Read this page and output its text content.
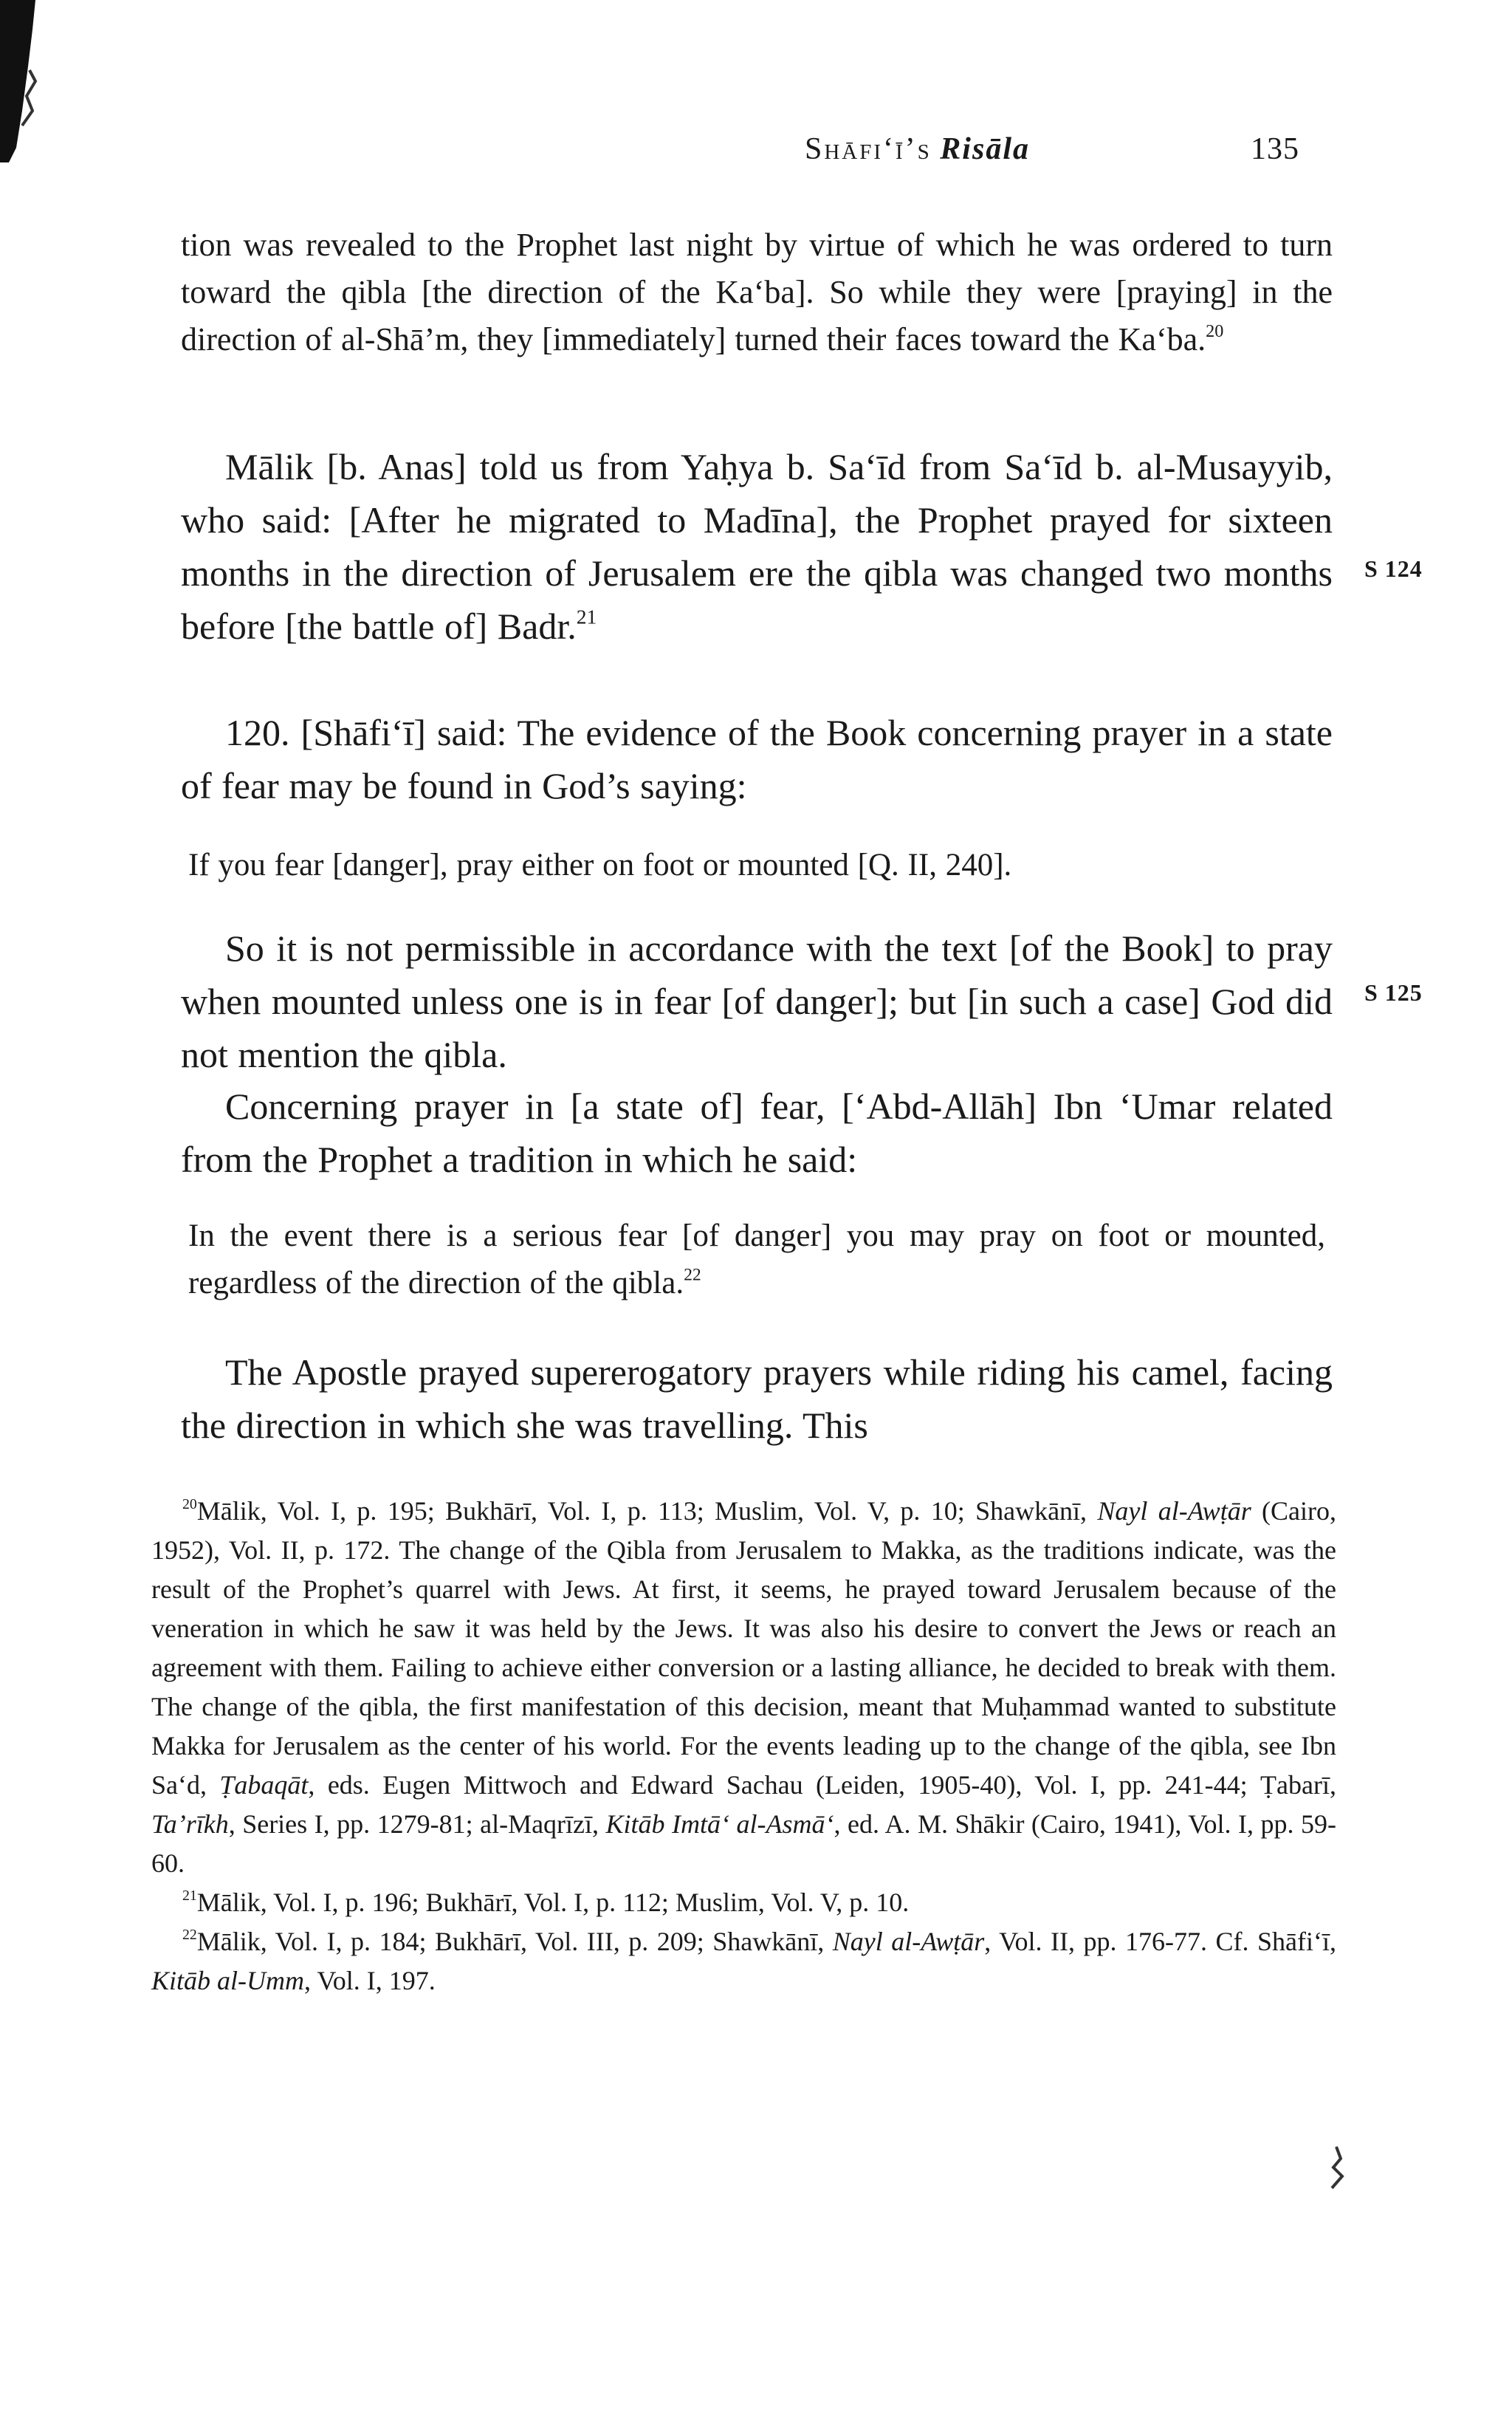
Shāfi‘ī’s Risāla	135

tion was revealed to the Prophet last night by virtue of which he was ordered to turn toward the qibla [the direction of the Ka‘ba]. So while they were [praying] in the direction of al-Shā’m, they [immediately] turned their faces toward the Ka‘ba.$^{20}$

Mālik [b. Anas] told us from Yaḥya b. Sa‘īd from Sa‘īd b. al-Musayyib, who said: [After he migrated to Madīna], the Prophet prayed for sixteen months in the direction of Jerusalem ere the qibla was changed two months before [the battle of] Badr.$^{21}$

120. [Shāfi‘ī] said: The evidence of the Book concerning prayer in a state of fear may be found in God’s saying:

If you fear [danger], pray either on foot or mounted [Q. II, 240].

So it is not permissible in accordance with the text [of the Book] to pray when mounted unless one is in fear [of danger]; but [in such a case] God did not mention the qibla.

Concerning prayer in [a state of] fear, [‘Abd-Allāh] Ibn ‘Umar related from the Prophet a tradition in which he said:

In the event there is a serious fear [of danger] you may pray on foot or mounted, regardless of the direction of the qibla.$^{22}$

The Apostle prayed supererogatory prayers while riding his camel, facing the direction in which she was travelling. This

S 124
S 125

$^{20}$Mālik, Vol. I, p. 195; Bukhārī, Vol. I, p. 113; Muslim, Vol. V, p. 10; Shawkānī, Nayl al-Awṭār (Cairo, 1952), Vol. II, p. 172. The change of the Qibla from Jerusalem to Makka, as the traditions indicate, was the result of the Prophet’s quarrel with Jews. At first, it seems, he prayed toward Jerusalem because of the veneration in which he saw it was held by the Jews. It was also his desire to convert the Jews or reach an agreement with them. Failing to achieve either conversion or a lasting alliance, he decided to break with them. The change of the qibla, the first manifestation of this decision, meant that Muḥammad wanted to substitute Makka for Jerusalem as the center of his world. For the events leading up to the change of the qibla, see Ibn Sa‘d, Ṭabaqāt, eds. Eugen Mittwoch and Edward Sachau (Leiden, 1905-40), Vol. I, pp. 241-44; Ṭabarī, Ta’rīkh, Series I, pp. 1279-81; al-Maqrīzī, Kitāb Imtā‘ al-Asmā‘, ed. A. M. Shākir (Cairo, 1941), Vol. I, pp. 59-60.

$^{21}$Mālik, Vol. I, p. 196; Bukhārī, Vol. I, p. 112; Muslim, Vol. V, p. 10.

$^{22}$Mālik, Vol. I, p. 184; Bukhārī, Vol. III, p. 209; Shawkānī, Nayl al-Awṭār, Vol. II, pp. 176-77. Cf. Shāfi‘ī, Kitāb al-Umm, Vol. I, 197.
